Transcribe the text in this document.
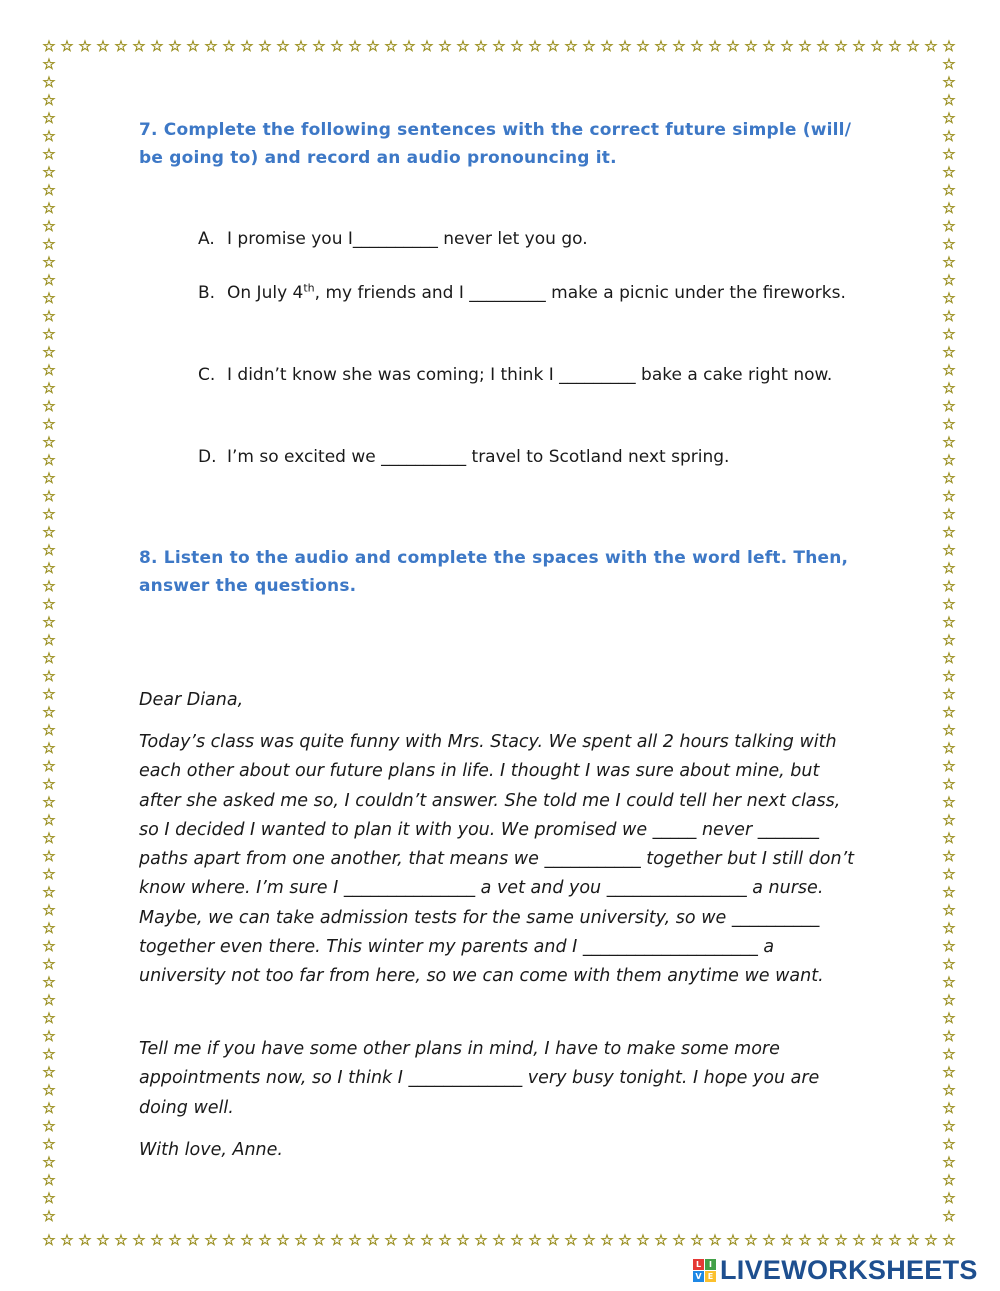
☆ ☆ ☆ ☆ ☆ ☆ ☆ ☆ ☆ ☆ ☆ ☆ ☆ ☆ ☆ ☆ ☆ ☆ ☆ ☆ ☆ ☆ ☆ ☆ ☆ ☆ ☆ ☆ ☆ ☆ ☆ ☆ ☆ ☆ ☆ ☆ ☆ ☆ ☆ ☆ ☆ ☆ ☆ ☆ ☆ ☆ ☆ ☆ ☆ ☆ ☆
☆ ☆ ☆ ☆ ☆ ☆ ☆ ☆ ☆ ☆ ☆ ☆ ☆ ☆ ☆ ☆ ☆ ☆ ☆ ☆ ☆ ☆ ☆ ☆ ☆ ☆ ☆ ☆ ☆ ☆ ☆ ☆ ☆ ☆ ☆ ☆ ☆ ☆ ☆ ☆ ☆ ☆ ☆ ☆ ☆ ☆ ☆ ☆ ☆ ☆ ☆
☆
☆
☆
☆
☆
☆
☆
☆
☆
☆
☆
☆
☆
☆
☆
☆
☆
☆
☆
☆
☆
☆
☆
☆
☆
☆
☆
☆
☆
☆
☆
☆
☆
☆
☆
☆
☆
☆
☆
☆
☆
☆
☆
☆
☆
☆
☆
☆
☆
☆
☆
☆
☆
☆
☆
☆
☆
☆
☆
☆
☆
☆
☆
☆
☆
☆
☆
☆
☆
☆
☆
☆
☆
☆
☆
☆
☆
☆
☆
☆
☆
☆
☆
☆
☆
☆
☆
☆
☆
☆
☆
☆
☆
☆
☆
☆
☆
☆
☆
☆
☆
☆
☆
☆
☆
☆
☆
☆
☆
☆
☆
☆
☆
☆
☆
☆
☆
☆
☆
☆
☆
☆
☆
☆
☆
☆
☆
☆
☆
☆
7. Complete the following sentences with the correct future simple (will/ be going to) and record an audio pronouncing it.
A. I promise you I__________ never let you go.
B. On July 4th, my friends and I _________ make a picnic under the fireworks.
C. I didn’t know she was coming; I think I _________ bake a cake right now.
D. I’m so excited we __________ travel to Scotland next spring.
8. Listen to the audio and complete the spaces with the word left. Then, answer the questions.
Dear Diana,
Today’s class was quite funny with Mrs. Stacy. We spent all 2 hours talking with each other about our future plans in life. I thought I was sure about mine, but after she asked me so, I couldn’t answer. She told me I could tell her next class, so I decided I wanted to plan it with you. We promised we _____ never _______ paths apart from one another, that means we ___________ together but I still don’t know where. I’m sure I _______________ a vet and you ________________ a nurse. Maybe, we can take admission tests for the same university, so we __________ together even there. This winter my parents and I ____________________ a university not too far from here, so we can come with them anytime we want.
Tell me if you have some other plans in mind, I have to make some more appointments now, so I think I _____________ very busy tonight. I hope you are doing well.
With love, Anne.
L I
V E LIVEWORKSHEETS
